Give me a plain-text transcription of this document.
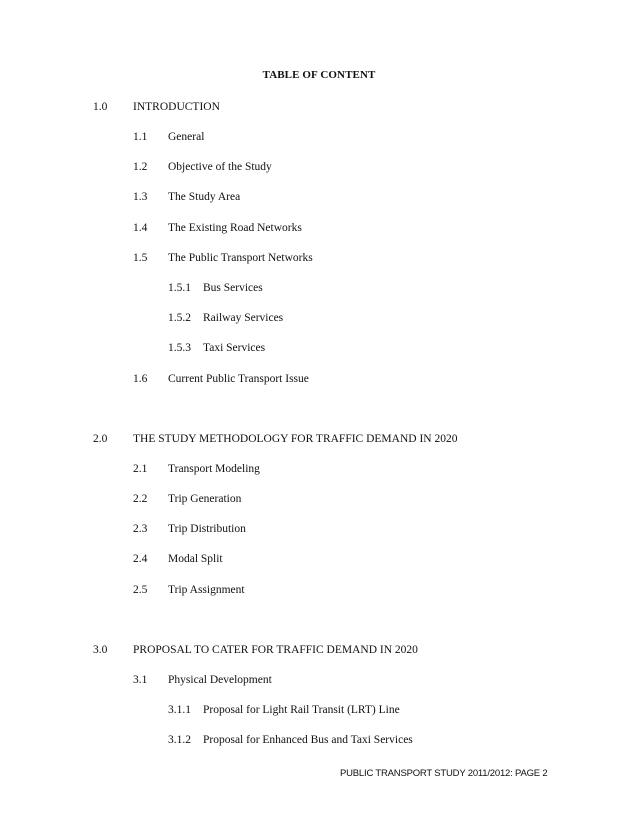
TABLE OF CONTENT
1.0 INTRODUCTION
1.1 General
1.2 Objective of the Study
1.3 The Study Area
1.4 The Existing Road Networks
1.5 The Public Transport Networks
1.5.1 Bus Services
1.5.2 Railway Services
1.5.3 Taxi Services
1.6 Current Public Transport Issue
2.0 THE STUDY METHODOLOGY FOR TRAFFIC DEMAND IN 2020
2.1 Transport Modeling
2.2 Trip Generation
2.3 Trip Distribution
2.4 Modal Split
2.5 Trip Assignment
3.0 PROPOSAL TO CATER FOR TRAFFIC DEMAND IN 2020
3.1 Physical Development
3.1.1 Proposal for Light Rail Transit (LRT) Line
3.1.2 Proposal for Enhanced Bus and Taxi Services
PUBLIC TRANSPORT STUDY 2011/2012: PAGE 2
